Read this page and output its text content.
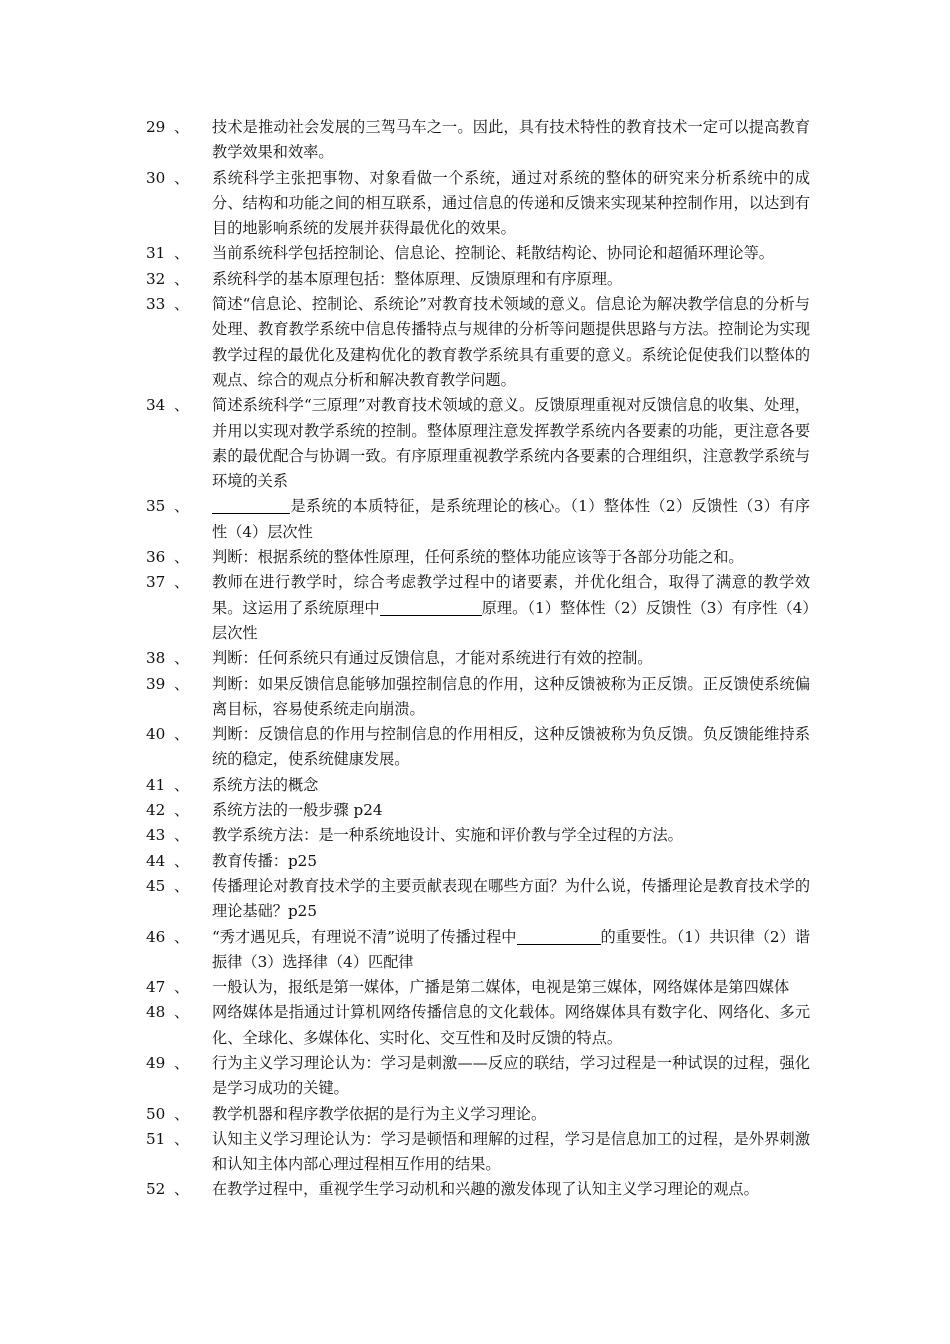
29 、	技术是推动社会发展的三驾马车之一。因此，具有技术特性的教育技术一定可以提高教育教学效果和效率。
30 、	系统科学主张把事物、对象看做一个系统，通过对系统的整体的研究来分析系统中的成分、结构和功能之间的相互联系，通过信息的传递和反馈来实现某种控制作用，以达到有目的地影响系统的发展并获得最优化的效果。
31 、	当前系统科学包括控制论、信息论、控制论、耗散结构论、协同论和超循环理论等。
32 、	系统科学的基本原理包括：整体原理、反馈原理和有序原理。
33 、	简述“信息论、控制论、系统论”对教育技术领域的意义。信息论为解决教学信息的分析与处理、教育教学系统中信息传播特点与规律的分析等问题提供思路与方法。控制论为实现教学过程的最优化及建构优化的教育教学系统具有重要的意义。系统论促使我们以整体的观点、综合的观点分析和解决教育教学问题。
34 、	简述系统科学“三原理”对教育技术领域的意义。反馈原理重视对反馈信息的收集、处理，并用以实现对教学系统的控制。整体原理注意发挥教学系统内各要素的功能，更注意各要素的最优配合与协调一致。有序原理重视教学系统内各要素的合理组织，注意教学系统与环境的关系
35 、	是系统的本质特征，是系统理论的核心。（1）整体性（2）反馈性（3）有序性（4）层次性
36 、	判断：根据系统的整体性原理，任何系统的整体功能应该等于各部分功能之和。
37 、	教师在进行教学时，综合考虑教学过程中的诸要素，并优化组合，取得了满意的教学效果。这运用了系统原理中	原理。（1）整体性（2）反馈性（3）有序性（4）层次性
38 、	判断：任何系统只有通过反馈信息，才能对系统进行有效的控制。
39 、	判断：如果反馈信息能够加强控制信息的作用，这种反馈被称为正反馈。正反馈使系统偏离目标，容易使系统走向崩溃。
40 、	判断：反馈信息的作用与控制信息的作用相反，这种反馈被称为负反馈。负反馈能维持系统的稳定，使系统健康发展。
41 、	系统方法的概念
42 、	系统方法的一般步骤 p24
43 、	教学系统方法：是一种系统地设计、实施和评价教与学全过程的方法。
44 、	教育传播：p25
45 、	传播理论对教育技术学的主要贡献表现在哪些方面？为什么说，传播理论是教育技术学的理论基础？p25
46 、	“秀才遇见兵，有理说不清”说明了传播过程中	的重要性。（1）共识律（2）谐振律（3）选择律（4）匹配律
47 、	一般认为，报纸是第一媒体，广播是第二媒体，电视是第三媒体，网络媒体是第四媒体
48 、	网络媒体是指通过计算机网络传播信息的文化载体。网络媒体具有数字化、网络化、多元化、全球化、多媒体化、实时化、交互性和及时反馈的特点。
49 、	行为主义学习理论认为：学习是刺激——反应的联结，学习过程是一种试误的过程，强化是学习成功的关键。
50 、	教学机器和程序教学依据的是行为主义学习理论。
51 、	认知主义学习理论认为：学习是顿悟和理解的过程，学习是信息加工的过程，是外界刺激和认知主体内部心理过程相互作用的结果。
52 、	在教学过程中，重视学生学习动机和兴趣的激发体现了认知主义学习理论的观点。
